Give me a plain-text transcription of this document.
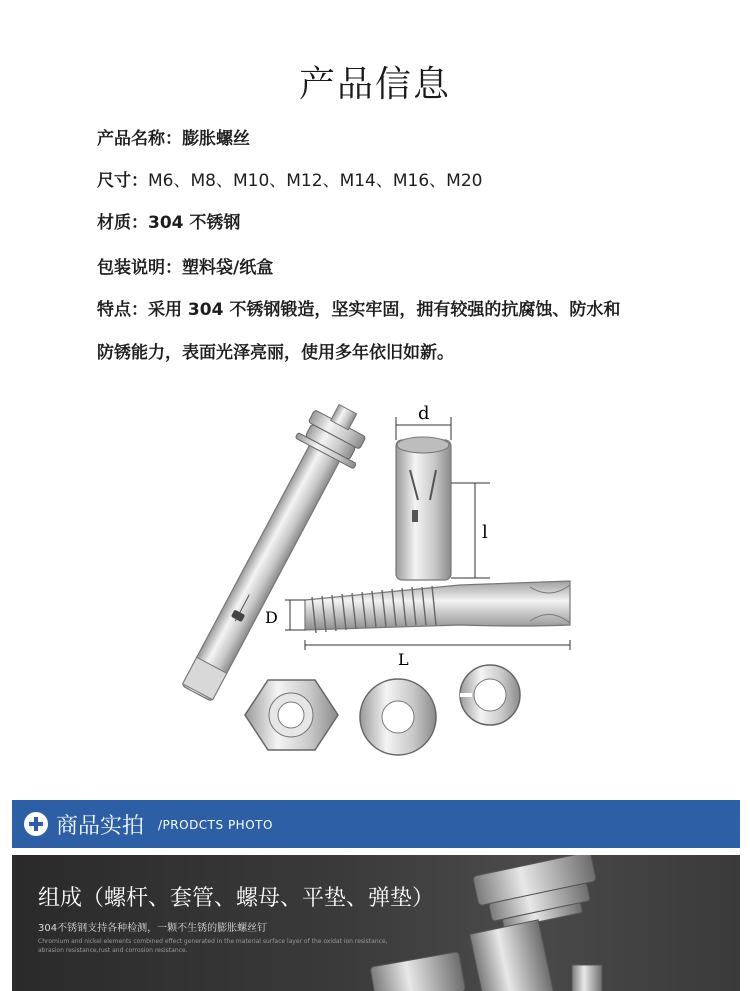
产品信息
产品名称：膨胀螺丝
尺寸：M6、M8、M10、M12、M14、M16、M20
材质：304 不锈钢
包装说明：塑料袋/纸盒
特点：采用 304 不锈钢锻造，坚实牢固，拥有较强的抗腐蚀、防水和
防锈能力，表面光泽亮丽，使用多年依旧如新。
d
l
D
L
商品实拍 /PRODCTS PHOTO
组成（螺杆、套管、螺母、平垫、弹垫）
304不锈钢支持各种检测，一颗不生锈的膨胀螺丝钉
Chromium and nickel elements combined effect generated in the material surface layer of the oxidat ion resistance, abrasion resistance,rust and corrosion resistance.
